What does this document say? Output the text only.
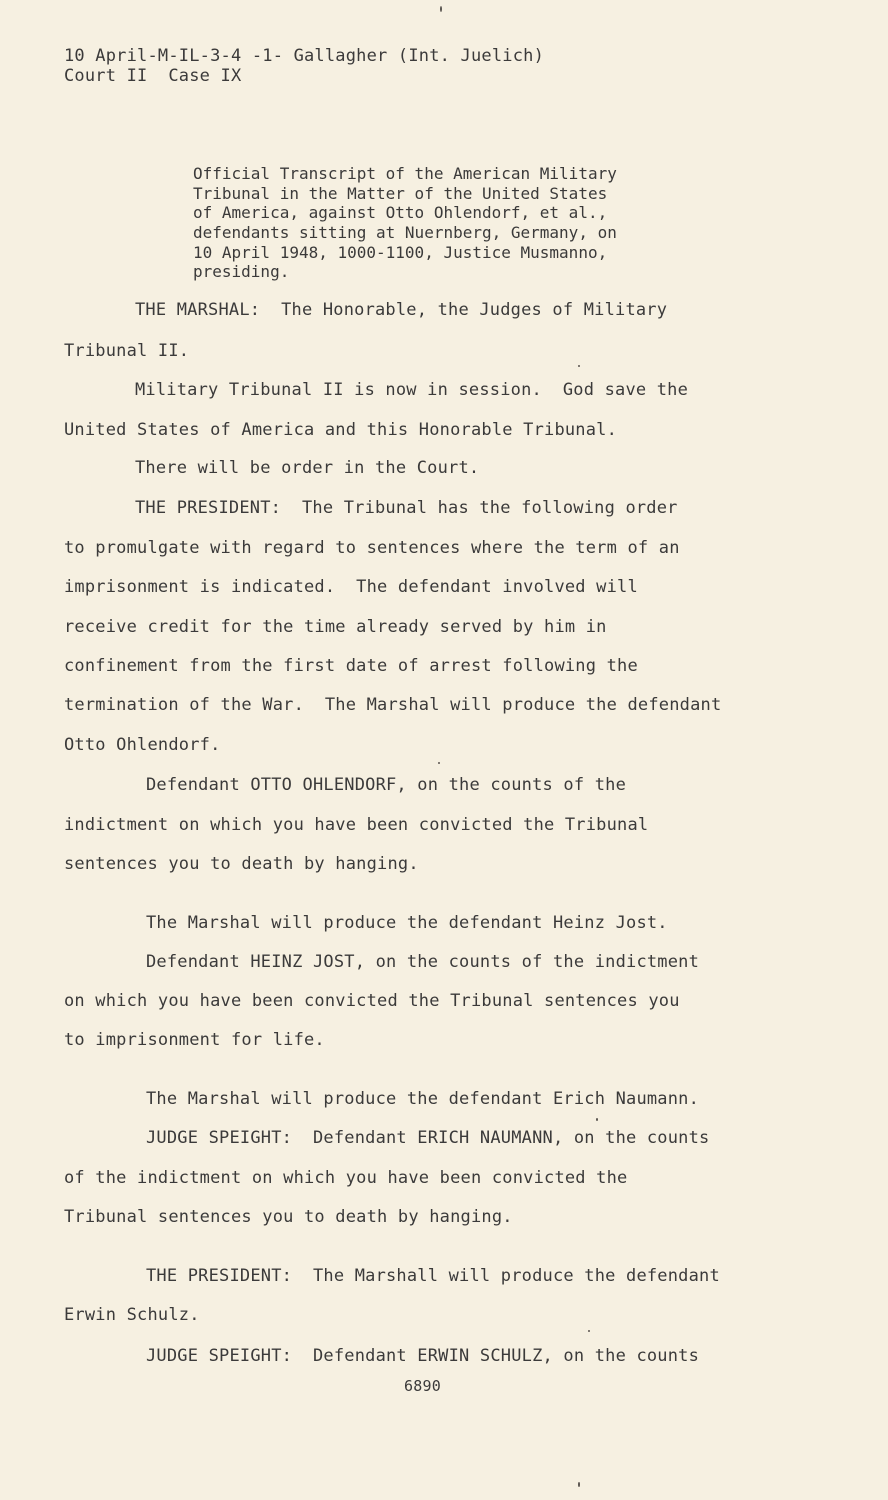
10 April-M-IL-3-4 -1- Gallagher (Int. Juelich)
Court II  Case IX
Official Transcript of the American Military
Tribunal in the Matter of the United States
of America, against Otto Ohlendorf, et al.,
defendants sitting at Nuernberg, Germany, on
10 April 1948, 1000-1100, Justice Musmanno,
presiding.
THE MARSHAL:  The Honorable, the Judges of Military
Tribunal II.
Military Tribunal II is now in session.  God save the
United States of America and this Honorable Tribunal.
There will be order in the Court.
THE PRESIDENT:  The Tribunal has the following order
to promulgate with regard to sentences where the term of an
imprisonment is indicated.  The defendant involved will
receive credit for the time already served by him in
confinement from the first date of arrest following the
termination of the War.  The Marshal will produce the defendant
Otto Ohlendorf.
Defendant OTTO OHLENDORF, on the counts of the
indictment on which you have been convicted the Tribunal
sentences you to death by hanging.
The Marshal will produce the defendant Heinz Jost.
Defendant HEINZ JOST, on the counts of the indictment
on which you have been convicted the Tribunal sentences you
to imprisonment for life.
The Marshal will produce the defendant Erich Naumann.
JUDGE SPEIGHT:  Defendant ERICH NAUMANN, on the counts
of the indictment on which you have been convicted the
Tribunal sentences you to death by hanging.
THE PRESIDENT:  The Marshall will produce the defendant
Erwin Schulz.
JUDGE SPEIGHT:  Defendant ERWIN SCHULZ, on the counts
6890
